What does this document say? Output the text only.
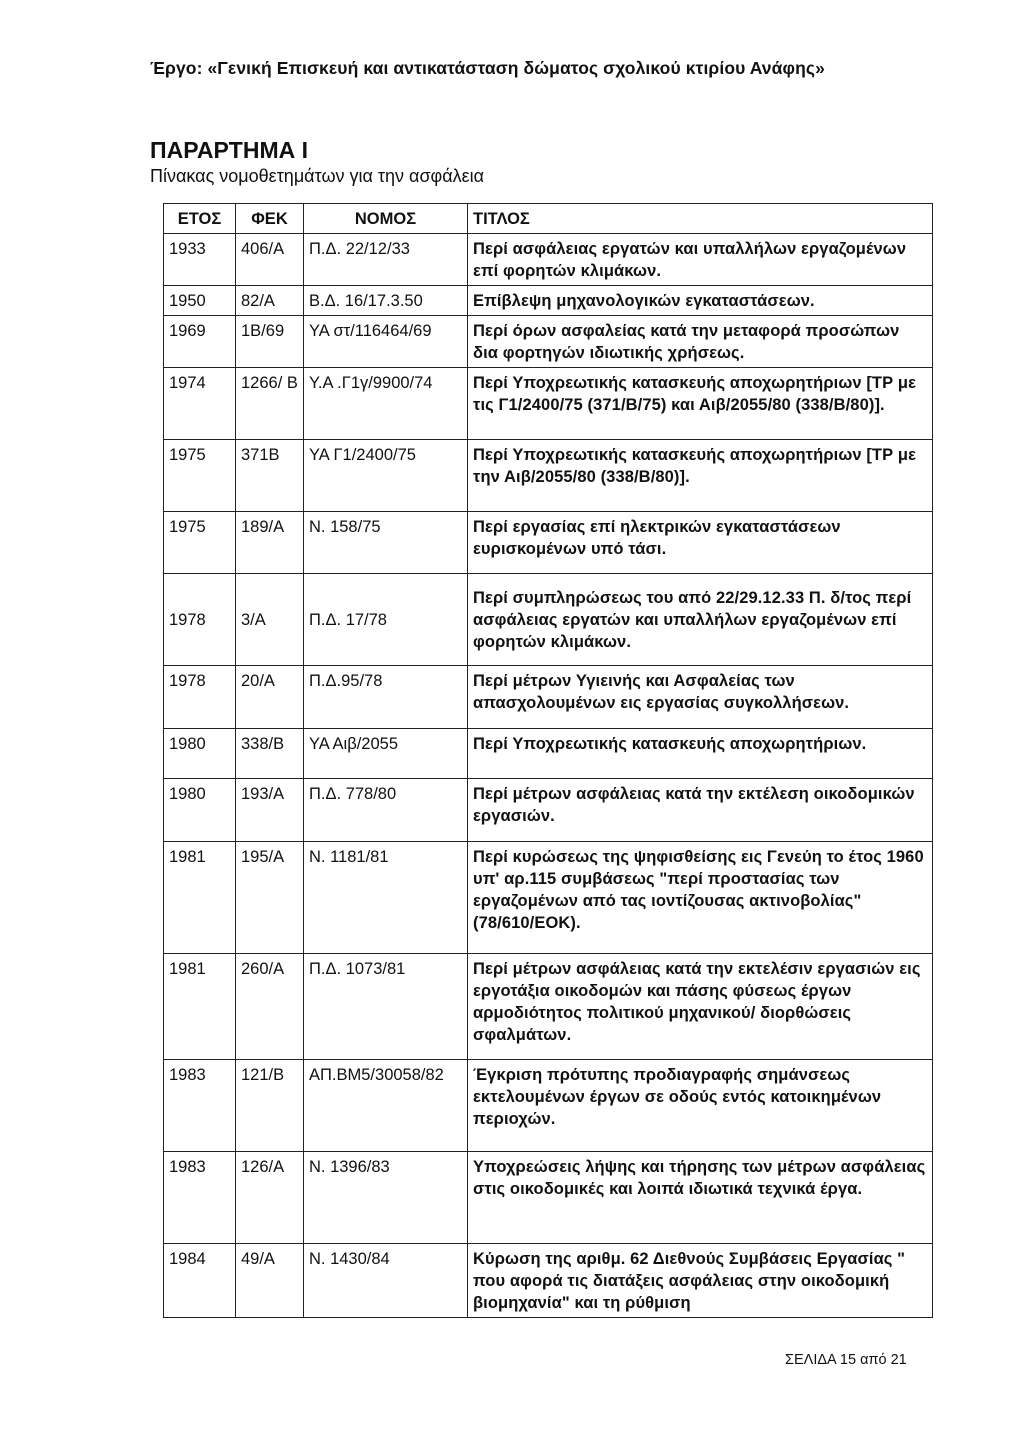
Έργο: «Γενική Επισκευή και αντικατάσταση δώματος σχολικού κτιρίου Ανάφης»
ΠΑΡΑΡΤΗΜΑ Ι
Πίνακας νομοθετημάτων για την ασφάλεια
ΕΤΟΣ	ΦΕΚ	ΝΟΜΟΣ	ΤΙΤΛΟΣ
1933	406/Α	Π.Δ. 22/12/33	Περί ασφάλειας εργατών και υπαλλήλων εργαζομένων επί φορητών κλιμάκων.
1950	82/Α	Β.Δ. 16/17.3.50	Επίβλεψη μηχανολογικών εγκαταστάσεων.
1969	1Β/69	ΥΑ στ/116464/69	Περί όρων ασφαλείας κατά την μεταφορά προσώπων δια φορτηγών ιδιωτικής χρήσεως.
1974	1266/ Β	Υ.Α .Γ1γ/9900/74	Περί Υποχρεωτικής κατασκευής αποχωρητήριων [ΤΡ με τις Γ1/2400/75 (371/Β/75) και Αιβ/2055/80 (338/Β/80)].
1975	371Β	ΥΑ Γ1/2400/75	Περί Υποχρεωτικής κατασκευής αποχωρητήριων [ΤΡ με την Αιβ/2055/80 (338/Β/80)].
1975	189/Α	Ν. 158/75	Περί εργασίας επί ηλεκτρικών εγκαταστάσεων ευρισκομένων υπό τάσι.
1978	3/Α	Π.Δ. 17/78	Περί συμπληρώσεως του από 22/29.12.33 Π. δ/τος περί ασφάλειας εργατών και υπαλλήλων εργαζομένων επί φορητών κλιμάκων.
1978	20/Α	Π.Δ.95/78	Περί μέτρων Υγιεινής και Ασφαλείας των απασχολουμένων εις εργασίας συγκολλήσεων.
1980	338/Β	ΥΑ Αιβ/2055	Περί Υποχρεωτικής κατασκευής αποχωρητήριων.
1980	193/Α	Π.Δ. 778/80	Περί μέτρων ασφάλειας κατά την εκτέλεση οικοδομικών εργασιών.
1981	195/Α	Ν. 1181/81	Περί κυρώσεως της ψηφισθείσης εις Γενεύη το έτος 1960 υπ' αρ.115 συμβάσεως "περί προστασίας των εργαζομένων από τας ιοντίζουσας ακτινοβολίας" (78/610/ΕΟΚ).
1981	260/Α	Π.Δ. 1073/81	Περί μέτρων ασφάλειας κατά την εκτελέσιν εργασιών εις εργοτάξια οικοδομών και πάσης φύσεως έργων αρμοδιότητος πολιτικού μηχανικού/ διορθώσεις σφαλμάτων.
1983	121/Β	ΑΠ.ΒΜ5/30058/82	Έγκριση πρότυπης προδιαγραφής σημάνσεως εκτελουμένων έργων σε οδούς εντός κατοικημένων περιοχών.
1983	126/Α	Ν. 1396/83	Υποχρεώσεις λήψης και τήρησης των μέτρων ασφάλειας στις οικοδομικές και λοιπά ιδιωτικά τεχνικά έργα.
1984	49/Α	Ν. 1430/84	Κύρωση της αριθμ. 62 Διεθνούς Συμβάσεις Εργασίας " που αφορά τις διατάξεις ασφάλειας στην οικοδομική βιομηχανία" και τη ρύθμιση
ΣΕΛΙΔΑ 15 από 21
